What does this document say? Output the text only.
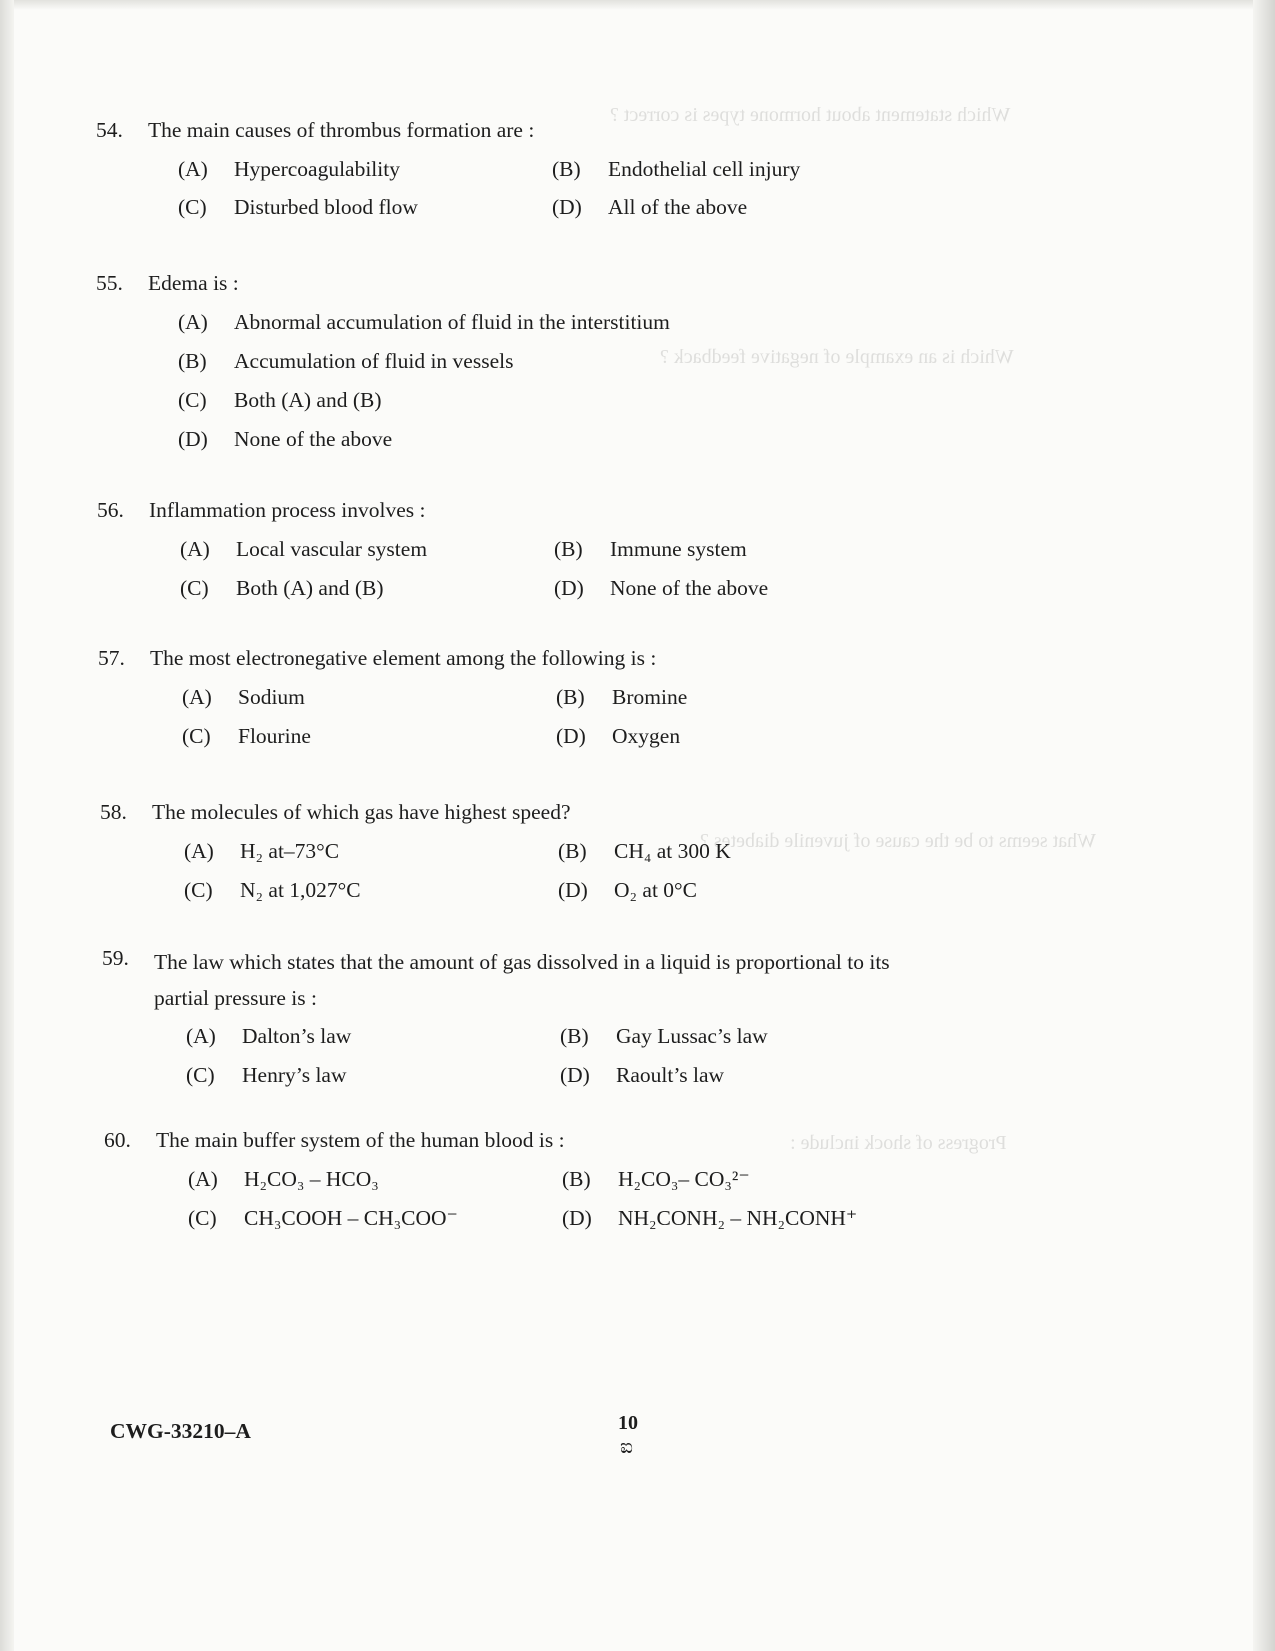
Which statement about hormone types is correct ?
Which is an example of negative feedback ?
What seems to be the cause of juvenile diabetes ?
Progress of shock include :
54.	The main causes of thrombus formation are :
(A)	Hypercoagulability	(B)	Endothelial cell injury
(C)	Disturbed blood flow	(D)	All of the above
55.	Edema is :
(A)	Abnormal accumulation of fluid in the interstitium
(B)	Accumulation of fluid in vessels
(C)	Both (A) and (B)
(D)	None of the above
56.	Inflammation process involves :
(A)	Local vascular system	(B)	Immune system
(C)	Both (A) and (B)	(D)	None of the above
57.	The most electronegative element among the following is :
(A)	Sodium	(B)	Bromine
(C)	Flourine	(D)	Oxygen
58.	The molecules of which gas have highest speed?
(A)	H₂ at–73°C	(B)	CH₄ at 300 K
(C)	N₂ at 1,027°C	(D)	O₂ at 0°C
59.	The law which states that the amount of gas dissolved in a liquid is proportional to its partial pressure is :
(A)	Dalton’s law	(B)	Gay Lussac’s law
(C)	Henry’s law	(D)	Raoult’s law
60.	The main buffer system of the human blood is :
(A)	H₂CO₃ – HCO₃	(B)	H₂CO₃– CO₃²⁻
(C)	CH₃COOH – CH₃COO⁻	(D)	NH₂CONH₂ – NH₂CONH⁺
CWG-33210–A	10
ಐ
